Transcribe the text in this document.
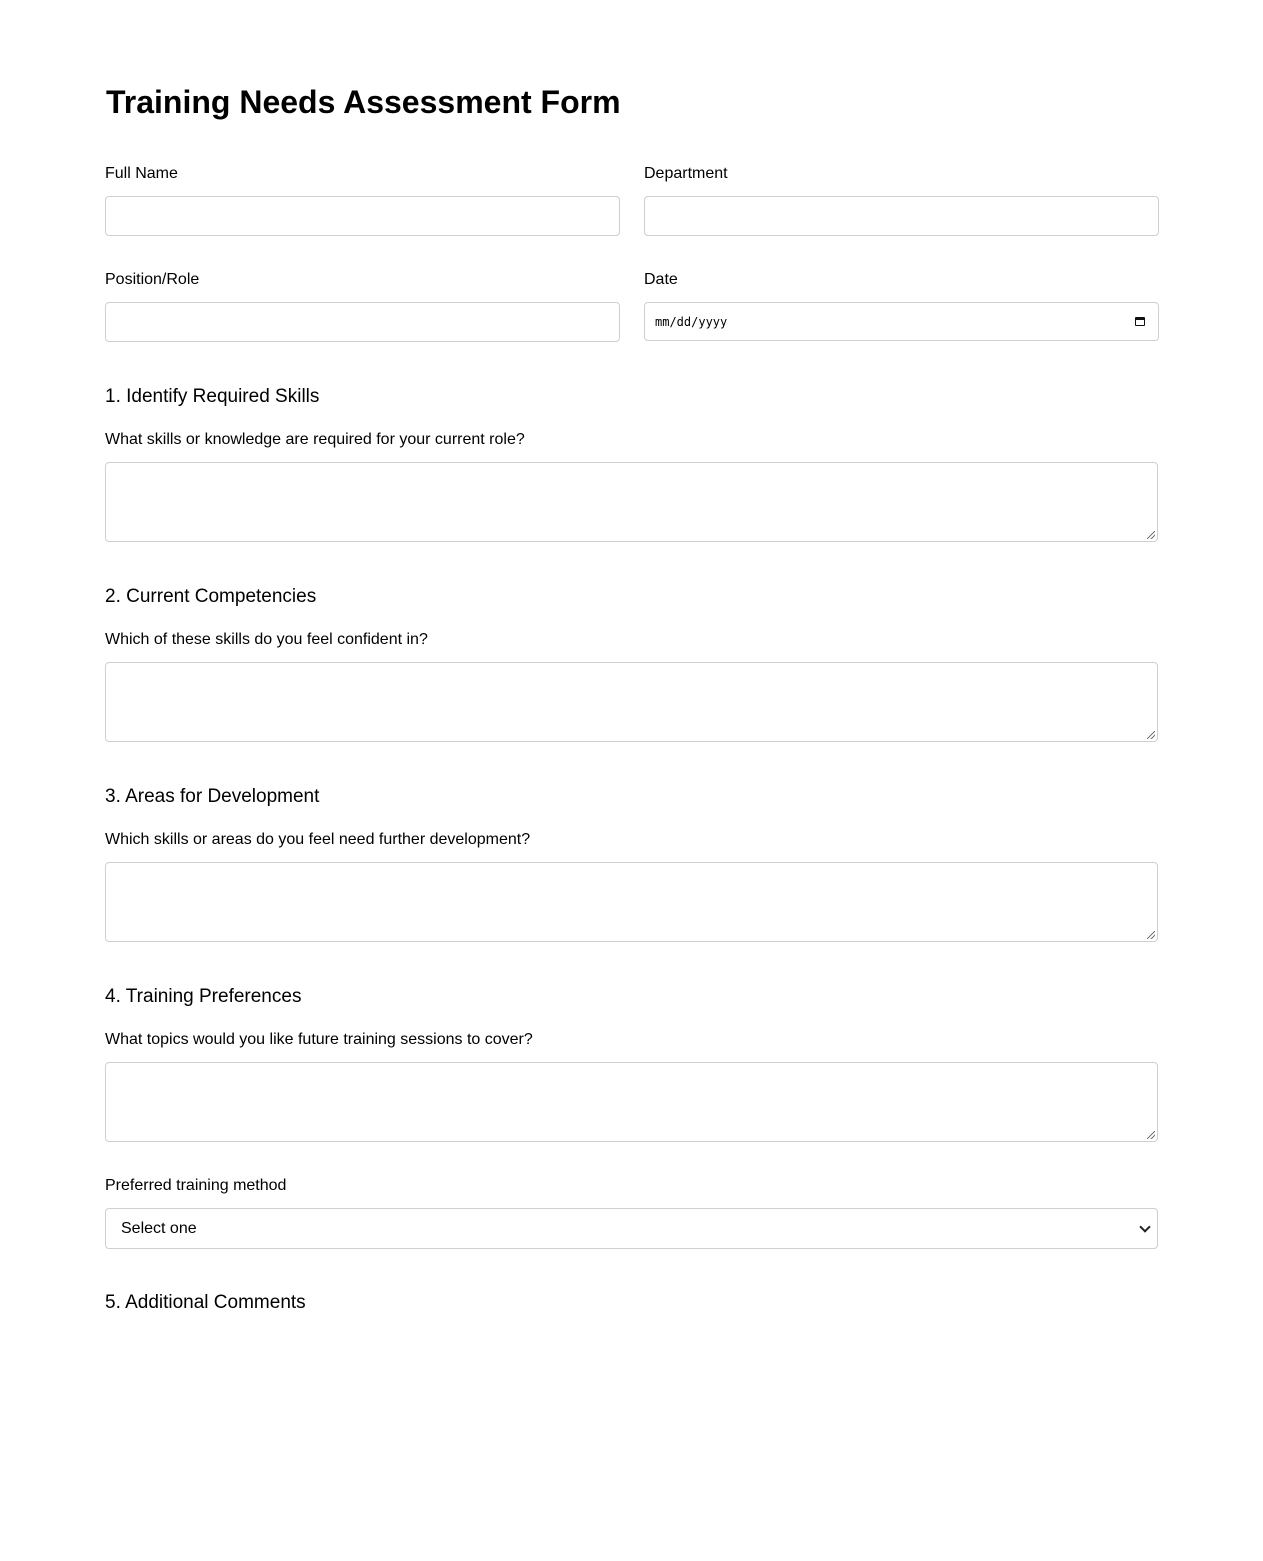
Training Needs Assessment Form
Full Name	Department
Position/Role	Date
mm/dd/yyyy
1. Identify Required Skills
What skills or knowledge are required for your current role?
2. Current Competencies
Which of these skills do you feel confident in?
3. Areas for Development
Which skills or areas do you feel need further development?
4. Training Preferences
What topics would you like future training sessions to cover?
Preferred training method
Select one
5. Additional Comments
